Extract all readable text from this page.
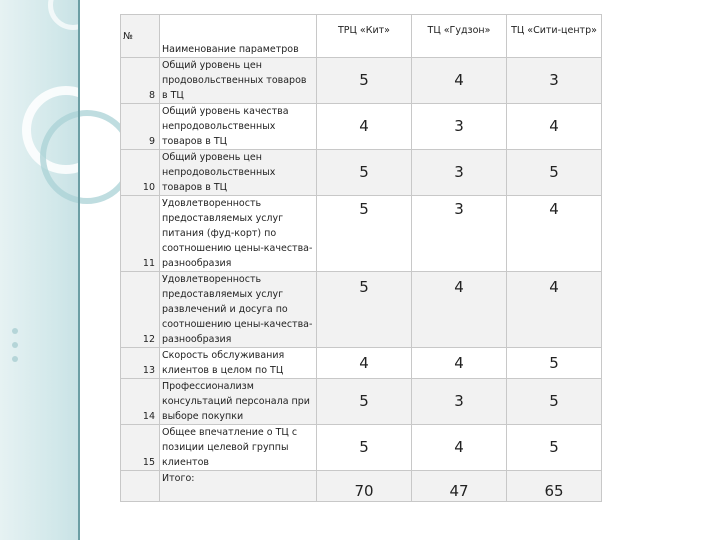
№	Наименование параметров	ТРЦ «Кит»	ТЦ «Гудзон»	ТЦ «Сити-центр»
8	Общий уровень цен продовольственных товаров в ТЦ	5	4	3
9	Общий уровень качества непродовольственных товаров в ТЦ	4	3	4
10	Общий уровень цен непродовольственных товаров в ТЦ	5	3	5
11	Удовлетворенность предоставляемых услуг питания (фуд-корт) по соотношению цены-качества-разнообразия	5	3	4
12	Удовлетворенность предоставляемых услуг развлечений и досуга по соотношению цены-качества-разнообразия	5	4	4
13	Скорость обслуживания клиентов в целом по ТЦ	4	4	5
14	Профессионализм консультаций персонала при выборе покупки	5	3	5
15	Общее впечатление о ТЦ с позиции целевой группы клиентов	5	4	5
	Итого:	70	47	65
